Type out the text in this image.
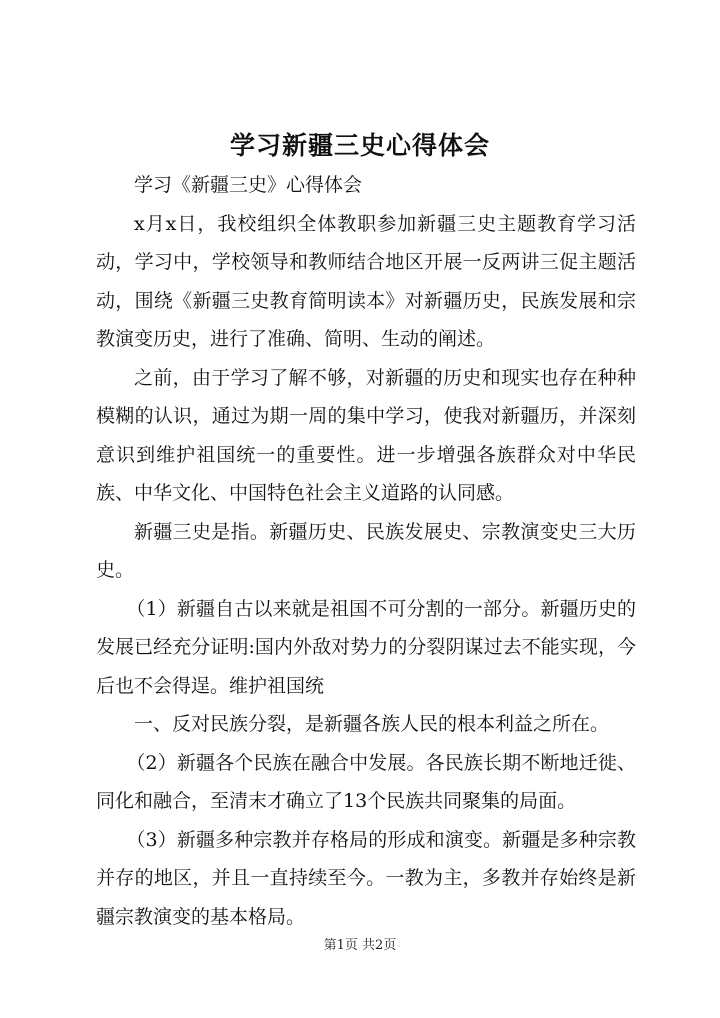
学习新疆三史心得体会

学习《新疆三史》心得体会

x月x日，我校组织全体教职参加新疆三史主题教育学习活动，学习中，学校领导和教师结合地区开展一反两讲三促主题活动，围绕《新疆三史教育简明读本》对新疆历史，民族发展和宗教演变历史，进行了准确、简明、生动的阐述。

之前，由于学习了解不够，对新疆的历史和现实也存在种种模糊的认识，通过为期一周的集中学习，使我对新疆历，并深刻意识到维护祖国统一的重要性。进一步增强各族群众对中华民族、中华文化、中国特色社会主义道路的认同感。

新疆三史是指。新疆历史、民族发展史、宗教演变史三大历史。

（1）新疆自古以来就是祖国不可分割的一部分。新疆历史的发展已经充分证明:国内外敌对势力的分裂阴谋过去不能实现，今后也不会得逞。维护祖国统

一、反对民族分裂，是新疆各族人民的根本利益之所在。

（2）新疆各个民族在融合中发展。各民族长期不断地迁徙、同化和融合，至清末才确立了13个民族共同聚集的局面。

（3）新疆多种宗教并存格局的形成和演变。新疆是多种宗教并存的地区，并且一直持续至今。一教为主，多教并存始终是新疆宗教演变的基本格局。

第1页 共2页
